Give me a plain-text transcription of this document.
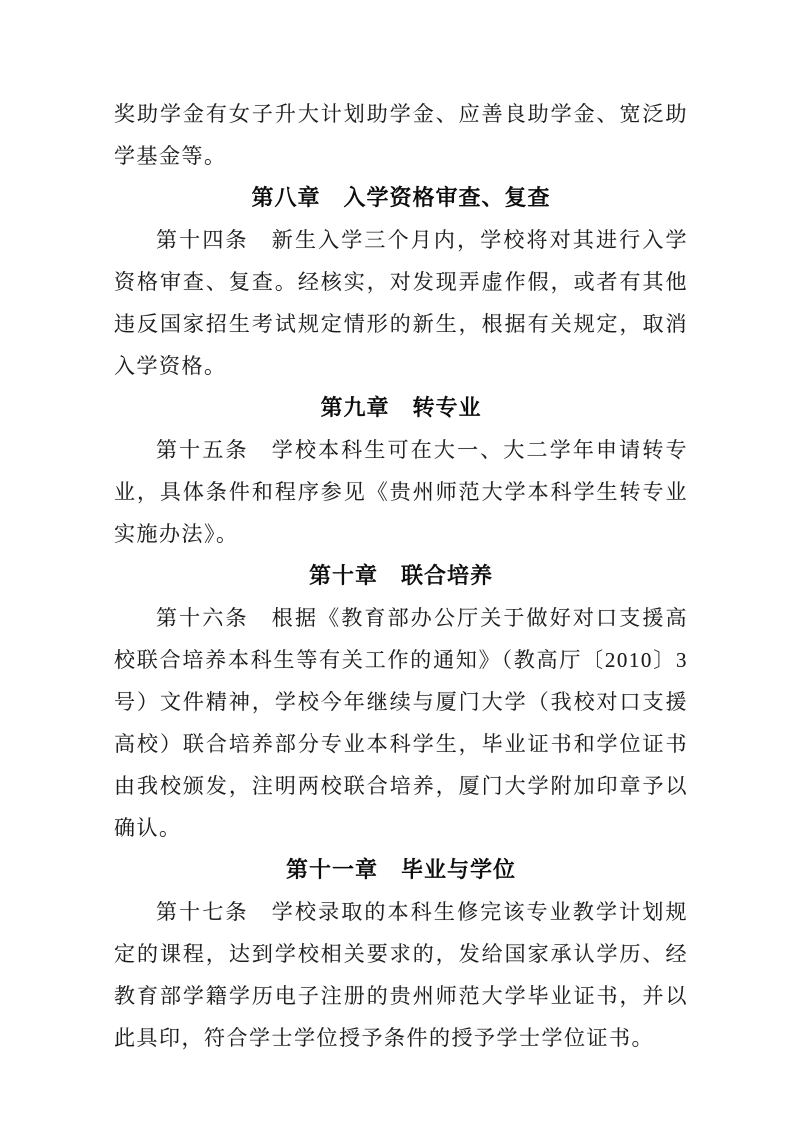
奖助学金有女子升大计划助学金、应善良助学金、宽泛助学基金等。
第八章　入学资格审查、复查
第十四条　新生入学三个月内，学校将对其进行入学资格审查、复查。经核实，对发现弄虚作假，或者有其他违反国家招生考试规定情形的新生，根据有关规定，取消入学资格。
第九章　转专业
第十五条　学校本科生可在大一、大二学年申请转专业，具体条件和程序参见《贵州师范大学本科学生转专业实施办法》。
第十章　联合培养
第十六条　根据《教育部办公厅关于做好对口支援高校联合培养本科生等有关工作的通知》（教高厅〔2010〕3 号）文件精神，学校今年继续与厦门大学（我校对口支援高校）联合培养部分专业本科学生，毕业证书和学位证书由我校颁发，注明两校联合培养，厦门大学附加印章予以确认。
第十一章　毕业与学位
第十七条　学校录取的本科生修完该专业教学计划规定的课程，达到学校相关要求的，发给国家承认学历、经教育部学籍学历电子注册的贵州师范大学毕业证书，并以此具印，符合学士学位授予条件的授予学士学位证书。
